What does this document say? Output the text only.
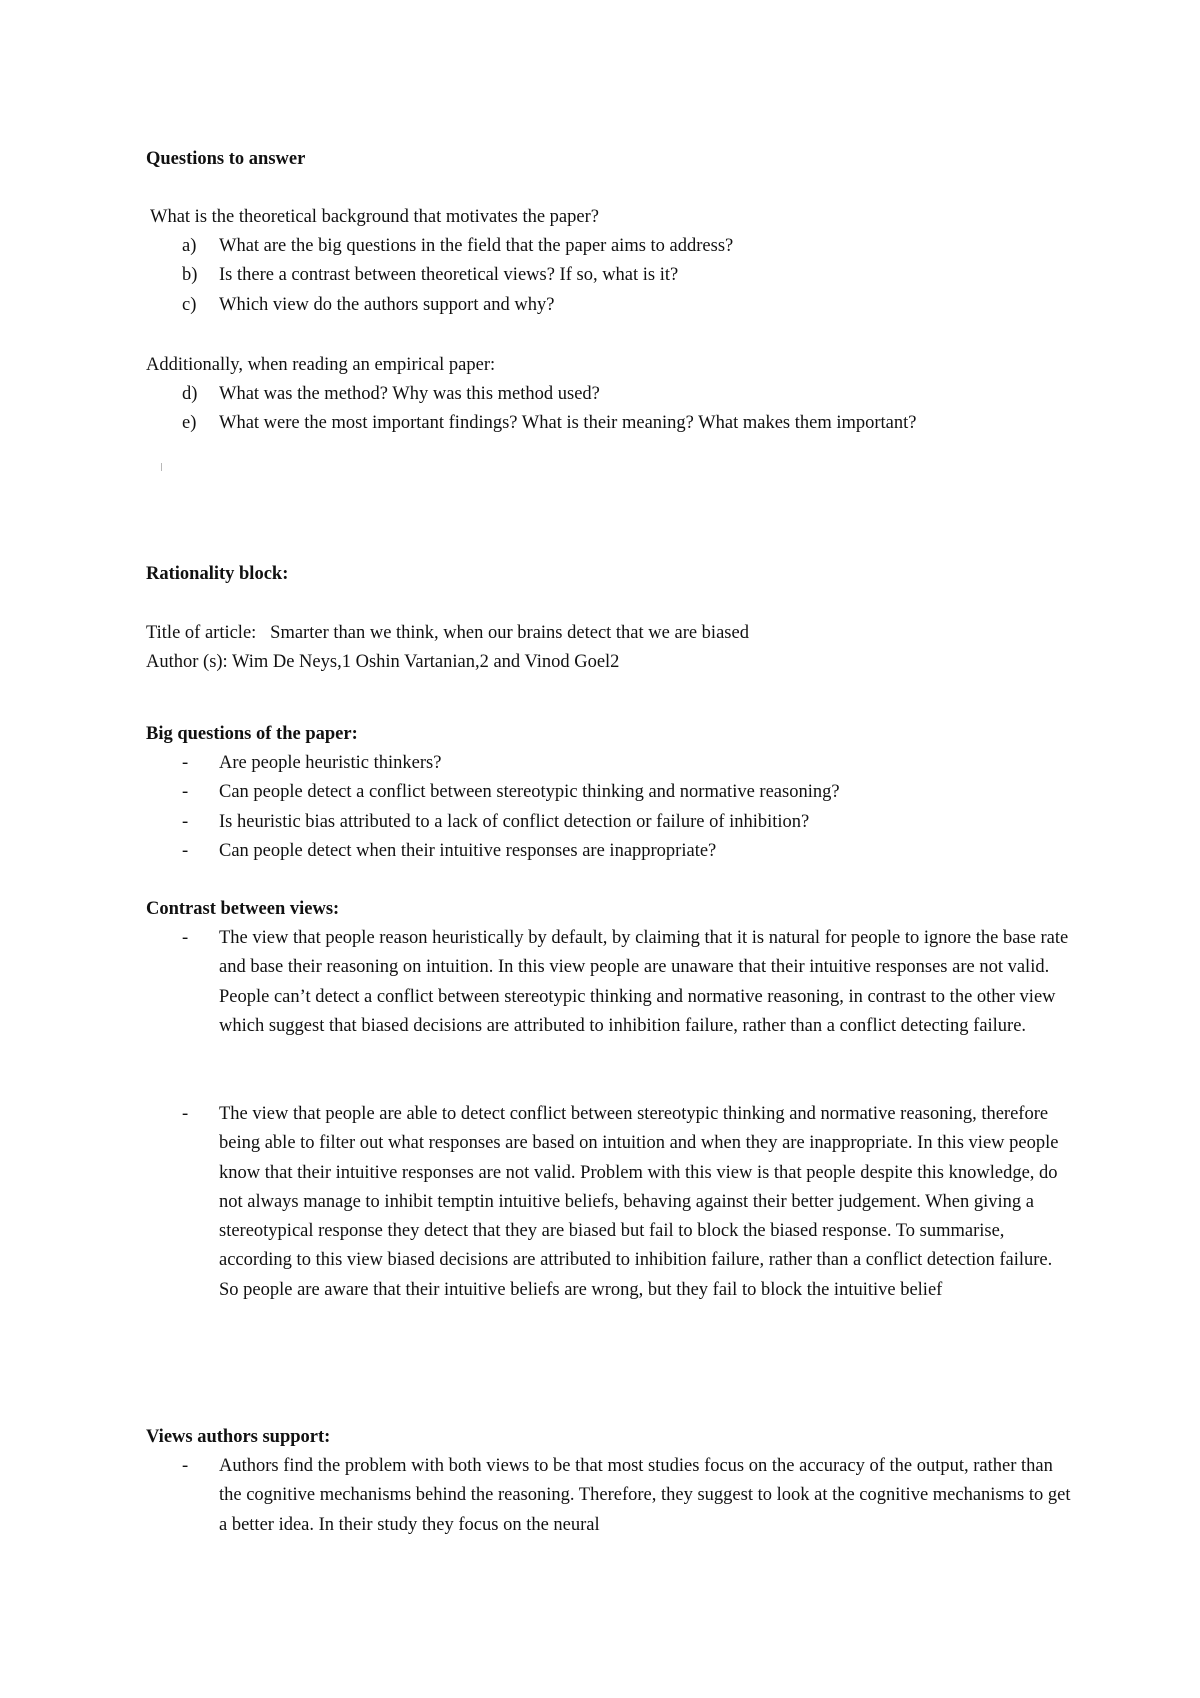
Questions to answer

What is the theoretical background that motivates the paper?

a) What are the big questions in the field that the paper aims to address?
b) Is there a contrast between theoretical views? If so, what is it?
c) Which view do the authors support and why?

Additionally, when reading an empirical paper:

d) What was the method? Why was this method used?
e) What were the most important findings? What is their meaning? What makes them important?

Rationality block:

Title of article:   Smarter than we think, when our brains detect that we are biased

Author (s): Wim De Neys,1 Oshin Vartanian,2 and Vinod Goel2

Big questions of the paper:

- Are people heuristic thinkers?
- Can people detect a conflict between stereotypic thinking and normative reasoning?
- Is heuristic bias attributed to a lack of conflict detection or failure of inhibition?
- Can people detect when their intuitive responses are inappropriate?

Contrast between views:

- The view that people reason heuristically by default, by claiming that it is natural for people to ignore the base rate and base their reasoning on intuition. In this view people are unaware that their intuitive responses are not valid. People can’t detect a conflict between stereotypic thinking and normative reasoning, in contrast to the other view which suggest that biased decisions are attributed to inhibition failure, rather than a conflict detecting failure.
- The view that people are able to detect conflict between stereotypic thinking and normative reasoning, therefore being able to filter out what responses are based on intuition and when they are inappropriate. In this view people know that their intuitive responses are not valid. Problem with this view is that people despite this knowledge, do not always manage to inhibit temptin intuitive beliefs, behaving against their better judgement. When giving a stereotypical response they detect that they are biased but fail to block the biased response. To summarise, according to this view biased decisions are attributed to inhibition failure, rather than a conflict detection failure. So people are aware that their intuitive beliefs are wrong, but they fail to block the intuitive belief

Views authors support:

- Authors find the problem with both views to be that most studies focus on the accuracy of the output, rather than the cognitive mechanisms behind the reasoning. Therefore, they suggest to look at the cognitive mechanisms to get a better idea. In their study they focus on the neural
